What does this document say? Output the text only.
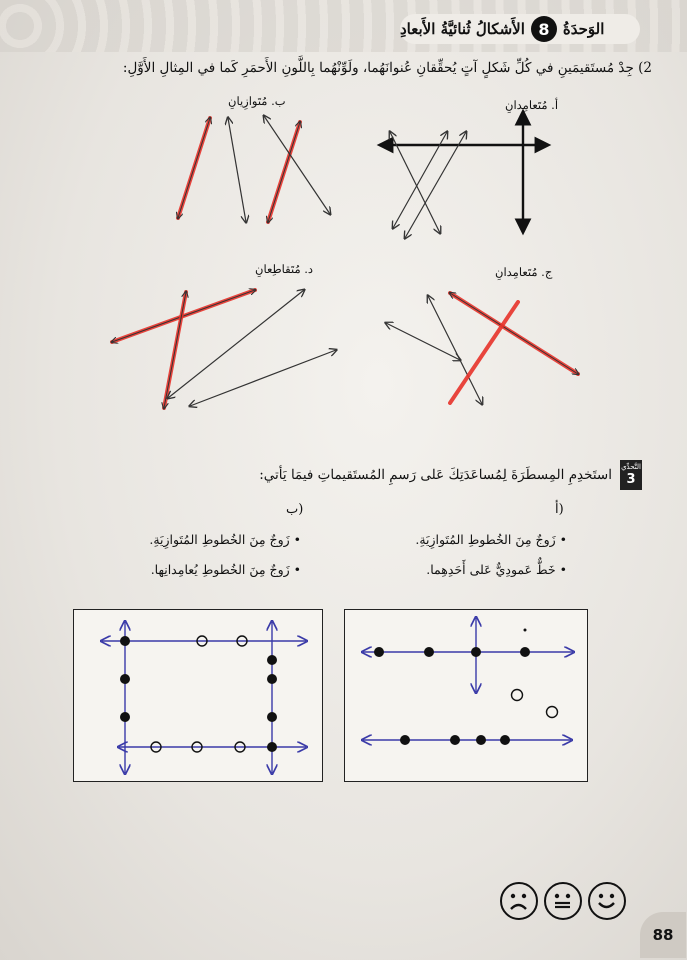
الوَحدَةُ
8
الأَشكالُ ثُنائيَّةُ الأَبعادِ
2) جِدْ مُستَقيمَينِ في كُلِّ شَكلٍ آتٍ يُحقِّقانِ عُنوانَهُما، ولَوِّنْهُما بِاللَّونِ الأَحمَرِ كَما في المِثالِ الأَوَّلِ:
أ. مُتَعامِدانِ
ب. مُتَوازِيانِ
ج. مُتَعامِدانِ
د. مُتَقاطِعانِ
التَّحدِّي
3
استَخدِمِ المِسطَرَةَ لِمُساعَدَتِكَ عَلى رَسمِ المُستَقيماتِ فيمَا يَأتي:
أ)
ب)
• زَوجٌ مِنَ الخُطوطِ المُتَوازِيَةِ.
• خَطٌّ عَمودِيٌّ عَلى أَحَدِهِما.
• زَوجٌ مِنَ الخُطوطِ المُتَوازِيَةِ.
• زَوجٌ مِنَ الخُطوطِ يُعامِدانِها.
88
